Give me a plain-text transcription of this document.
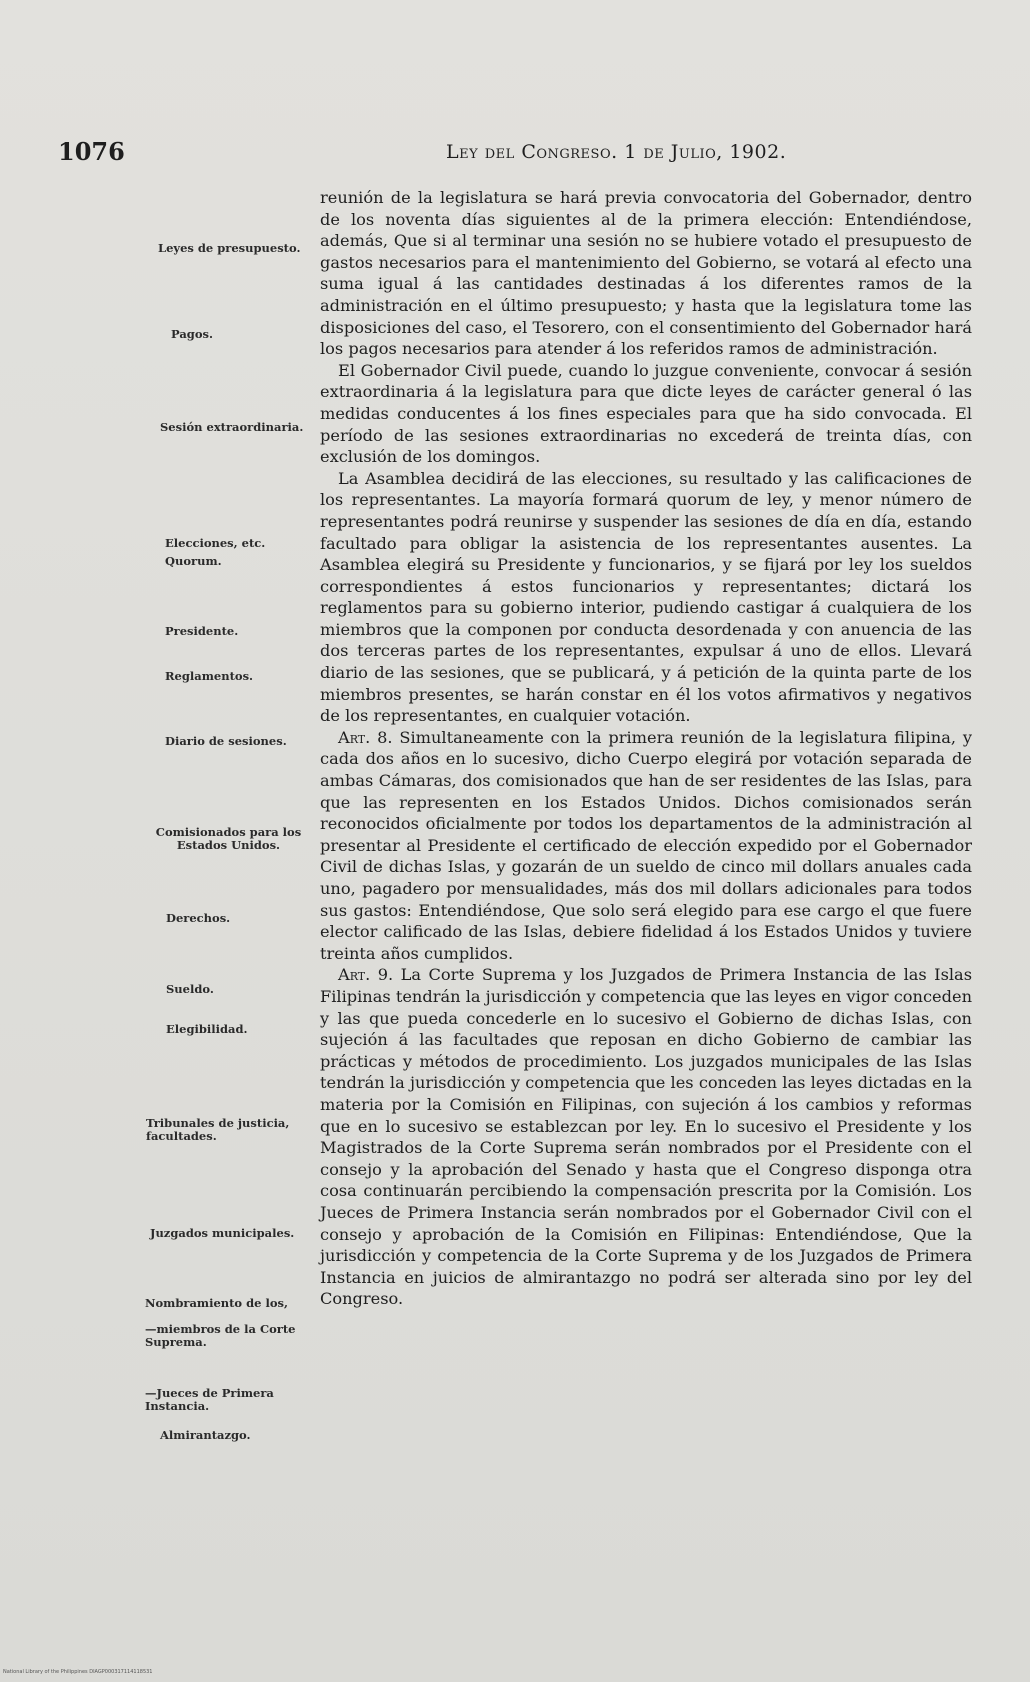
1076	Ley del Congreso. 1 de Julio, 1902.
Leyes de presupuesto.
Pagos.
Sesión extraordinaria.
Elecciones, etc.
Quorum.
Presidente.
Reglamentos.
Diario de sesiones.
Comisionados para los Estados Unidos.
Derechos.
Sueldo.
Elegibilidad.
Tribunales de justicia, facultades.
Juzgados municipales.
Nombramiento de los,
—miembros de la Corte Suprema.
—Jueces de Primera Instancia.
Almirantazgo.

reunión de la legislatura se hará previa convocatoria del Gobernador, dentro de los noventa días siguientes al de la primera elección: Entendiéndose, además, Que si al terminar una sesión no se hubiere votado el presupuesto de gastos necesarios para el mantenimiento del Gobierno, se votará al efecto una suma igual á las cantidades destinadas á los diferentes ramos de la administración en el último presupuesto; y hasta que la legislatura tome las disposiciones del caso, el Tesorero, con el consentimiento del Gobernador hará los pagos necesarios para atender á los referidos ramos de administración.

El Gobernador Civil puede, cuando lo juzgue conveniente, convocar á sesión extraordinaria á la legislatura para que dicte leyes de carácter general ó las medidas conducentes á los fines especiales para que ha sido convocada. El período de las sesiones extraordinarias no excederá de treinta días, con exclusión de los domingos.

La Asamblea decidirá de las elecciones, su resultado y las calificaciones de los representantes. La mayoría formará quorum de ley, y menor número de representantes podrá reunirse y suspender las sesiones de día en día, estando facultado para obligar la asistencia de los representantes ausentes. La Asamblea elegirá su Presidente y funcionarios, y se fijará por ley los sueldos correspondientes á estos funcionarios y representantes; dictará los reglamentos para su gobierno interior, pudiendo castigar á cualquiera de los miembros que la componen por conducta desordenada y con anuencia de las dos terceras partes de los representantes, expulsar á uno de ellos. Llevará diario de las sesiones, que se publicará, y á petición de la quinta parte de los miembros presentes, se harán constar en él los votos afirmativos y negativos de los representantes, en cualquier votación.

Art. 8. Simultaneamente con la primera reunión de la legislatura filipina, y cada dos años en lo sucesivo, dicho Cuerpo elegirá por votación separada de ambas Cámaras, dos comisionados que han de ser residentes de las Islas, para que las representen en los Estados Unidos. Dichos comisionados serán reconocidos oficialmente por todos los departamentos de la administración al presentar al Presidente el certificado de elección expedido por el Gobernador Civil de dichas Islas, y gozarán de un sueldo de cinco mil dollars anuales cada uno, pagadero por mensualidades, más dos mil dollars adicionales para todos sus gastos: Entendiéndose, Que solo será elegido para ese cargo el que fuere elector calificado de las Islas, debiere fidelidad á los Estados Unidos y tuviere treinta años cumplidos.

Art. 9. La Corte Suprema y los Juzgados de Primera Instancia de las Islas Filipinas tendrán la jurisdicción y competencia que las leyes en vigor conceden y las que pueda concederle en lo sucesivo el Gobierno de dichas Islas, con sujeción á las facultades que reposan en dicho Gobierno de cambiar las prácticas y métodos de procedimiento. Los juzgados municipales de las Islas tendrán la jurisdicción y competencia que les conceden las leyes dictadas en la materia por la Comisión en Filipinas, con sujeción á los cambios y reformas que en lo sucesivo se establezcan por ley. En lo sucesivo el Presidente y los Magistrados de la Corte Suprema serán nombrados por el Presidente con el consejo y la aprobación del Senado y hasta que el Congreso disponga otra cosa continuarán percibiendo la compensación prescrita por la Comisión. Los Jueces de Primera Instancia serán nombrados por el Gobernador Civil con el consejo y aprobación de la Comisión en Filipinas: Entendiéndose, Que la jurisdicción y competencia de la Corte Suprema y de los Juzgados de Primera Instancia en juicios de almirantazgo no podrá ser alterada sino por ley del Congreso.

National Library of the Philippines DIAGP000317114118531
